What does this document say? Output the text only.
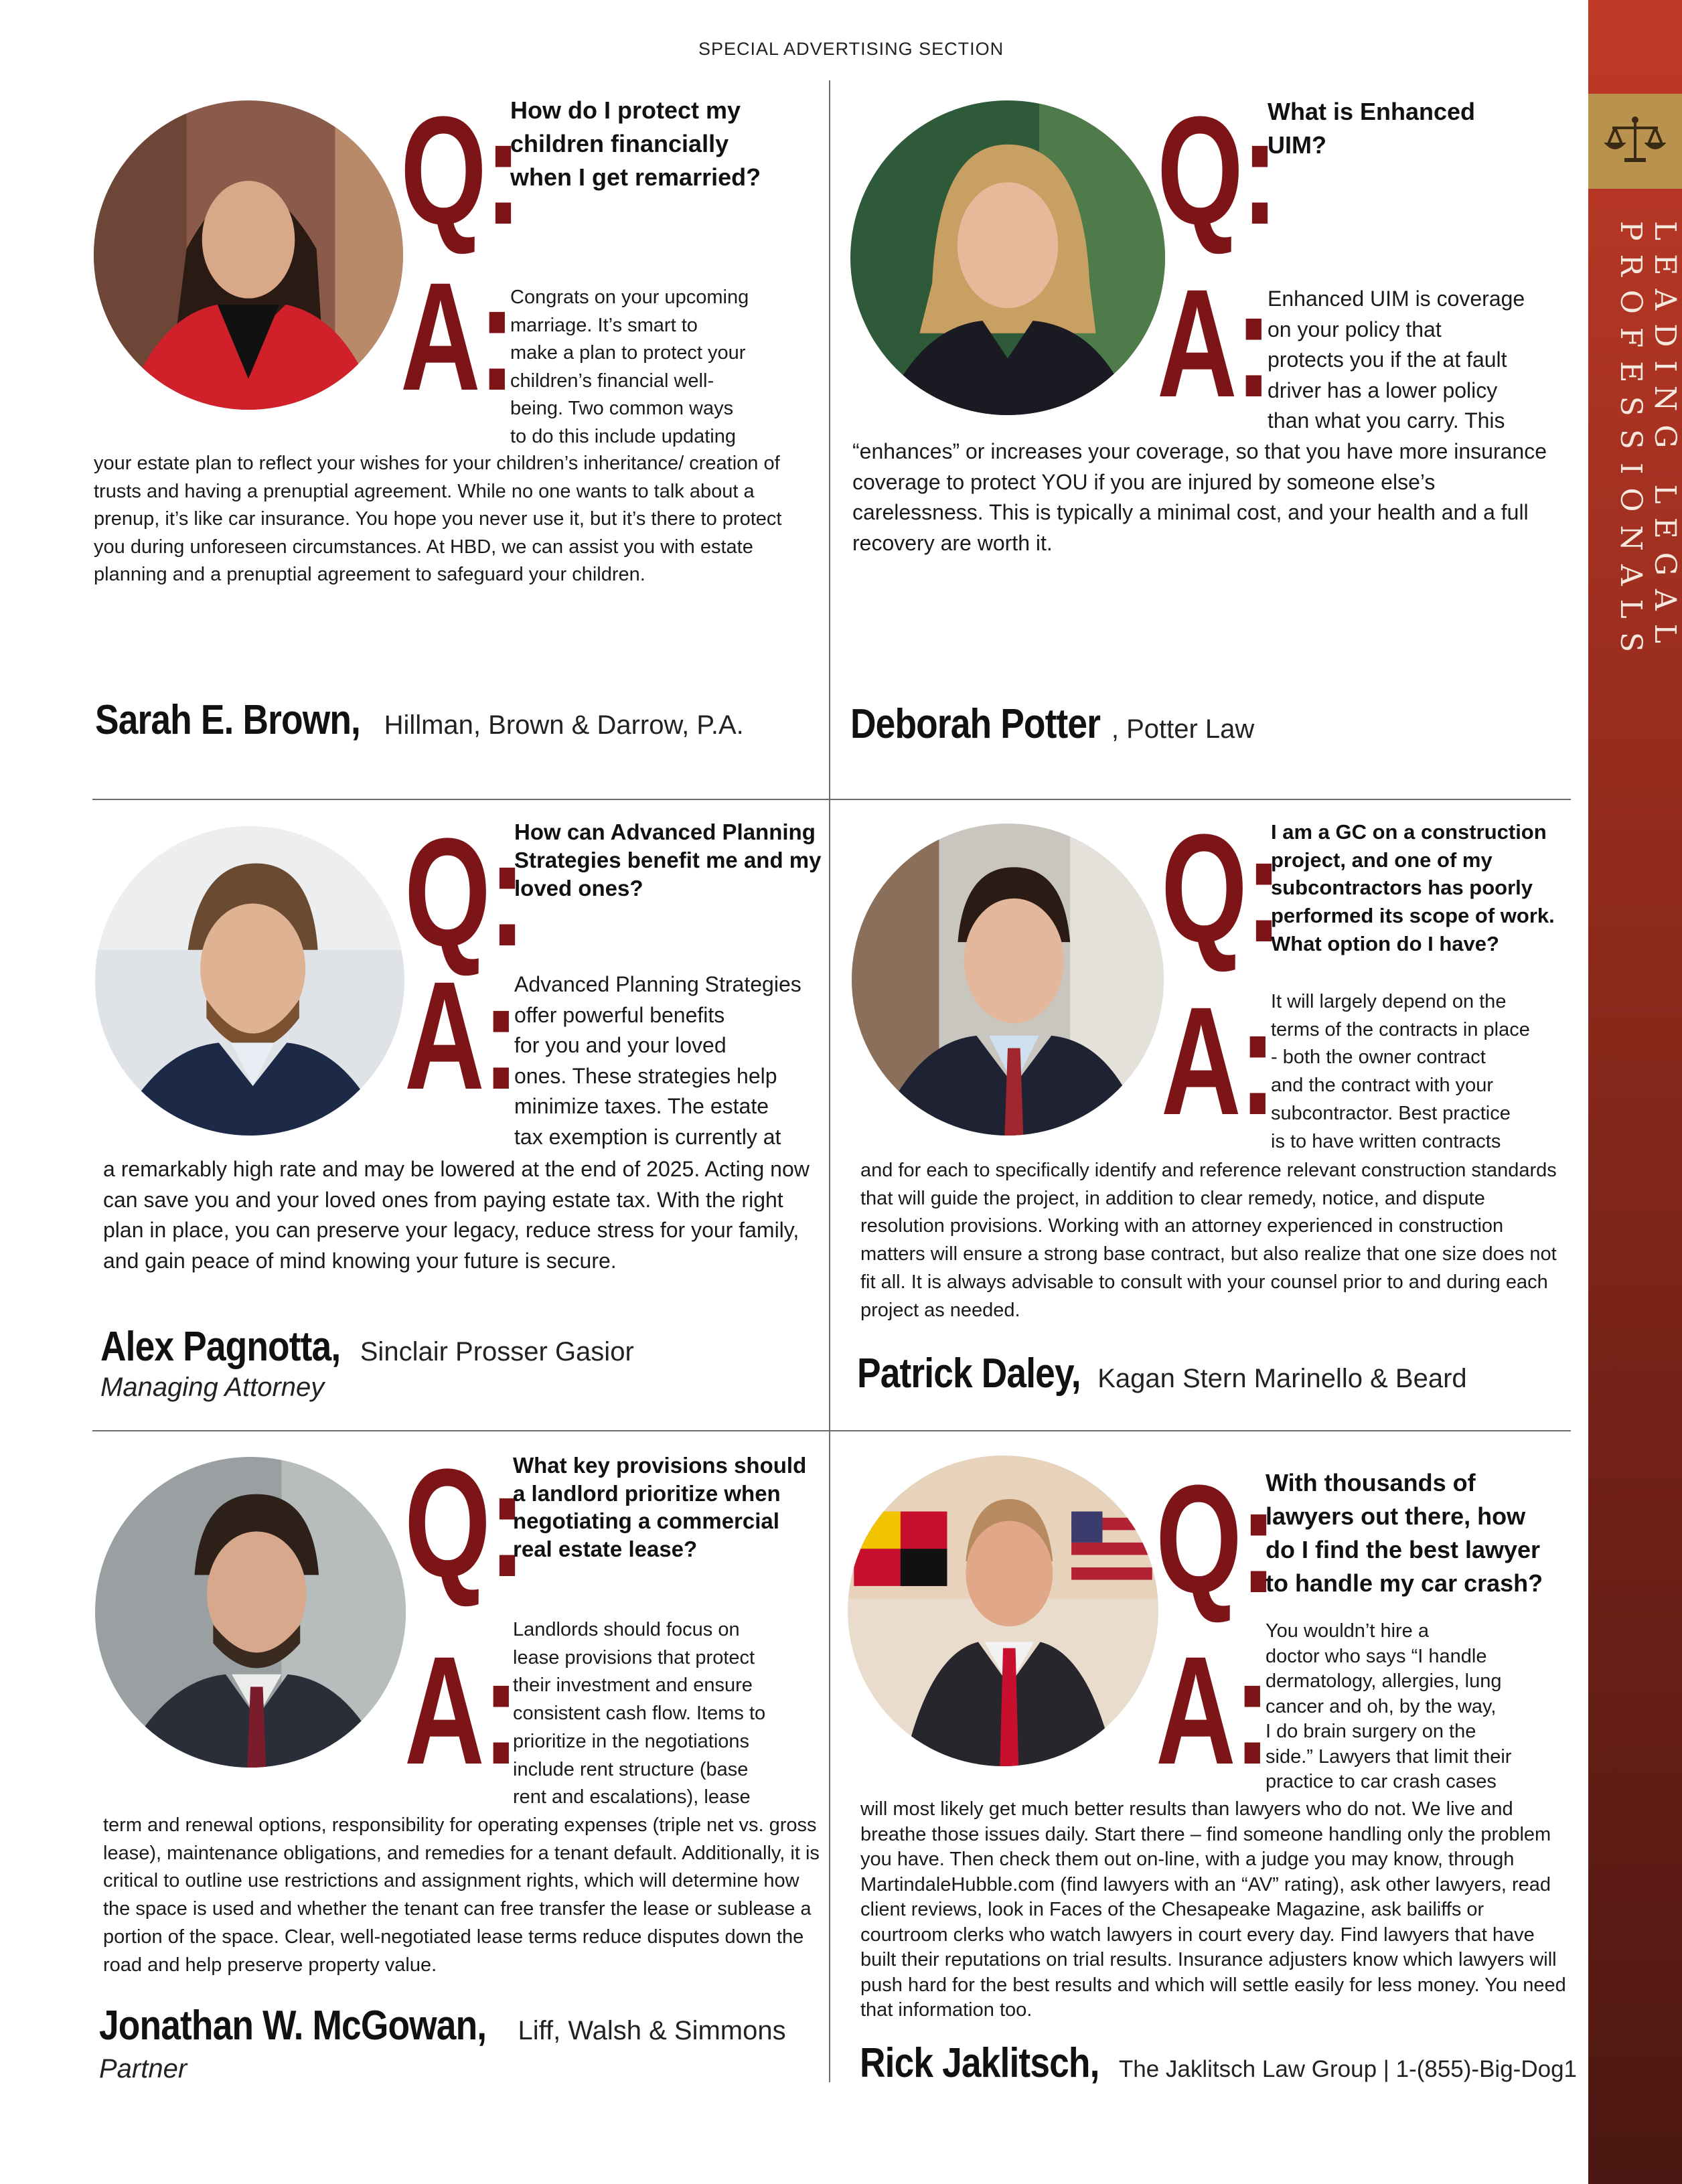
SPECIAL ADVERTISING SECTION
LEADING LEGAL PROFESSIONALS
Q:
How do I protect my children financially when I get remarried?
A:

Congrats on your upcoming

marriage. It’s smart to

make a plan to protect your

children’s financial well-

being. Two common ways

to do this include updating

your estate plan to reflect your wishes for your children’s inheritance/ creation of trusts and having a prenuptial agreement. While no one wants to talk about a prenup, it’s like car insurance. You hope you never use it, but it’s there to protect you during unforeseen circumstances. At HBD, we can assist you with estate planning and a prenuptial agreement to safeguard your children.
Sarah E. Brown, Hillman, Brown & Darrow, P.A.
Q:
What is Enhanced UIM?
A:

Enhanced UIM is coverage

on your policy that

protects you if the at fault

driver has a lower policy

than what you carry. This

“enhances” or increases your coverage, so that you have more insurance coverage to protect YOU if you are injured by someone else’s carelessness. This is typically a minimal cost, and your health and a full recovery are worth it.
Deborah Potter , Potter Law
Q:
How can Advanced Planning Strategies benefit me and my loved ones?
A:

Advanced Planning Strategies

offer powerful benefits

for you and your loved

ones. These strategies help

minimize taxes. The estate

tax exemption is currently at

a remarkably high rate and may be lowered at the end of 2025. Acting now can save you and your loved ones from paying estate tax. With the right plan in place, you can preserve your legacy, reduce stress for your family, and gain peace of mind knowing your future is secure.
Alex Pagnotta, Sinclair Prosser Gasior
Managing Attorney
Q:
I am a GC on a construction project, and one of my subcontractors has poorly performed its scope of work. What option do I have?
A:

It will largely depend on the

terms of the contracts in place

- both the owner contract

and the contract with your

subcontractor. Best practice

is to have written contracts

and for each to specifically identify and reference relevant construction standards that will guide the project, in addition to clear remedy, notice, and dispute resolution provisions. Working with an attorney experienced in construction matters will ensure a strong base contract, but also realize that one size does not fit all. It is always advisable to consult with your counsel prior to and during each project as needed.
Patrick Daley, Kagan Stern Marinello & Beard
Q:
What key provisions should a landlord prioritize when negotiating a commercial real estate lease?
A:

Landlords should focus on

lease provisions that protect

their investment and ensure

consistent cash flow. Items to

prioritize in the negotiations

include rent structure (base

rent and escalations), lease

term and renewal options, responsibility for operating expenses (triple net vs. gross lease), maintenance obligations, and remedies for a tenant default. Additionally, it is critical to outline use restrictions and assignment rights, which will determine how the space is used and whether the tenant can free transfer the lease or sublease a portion of the space. Clear, well-negotiated lease terms reduce disputes down the road and help preserve property value.
Jonathan W. McGowan, Liff, Walsh & Simmons
Partner
Q:
With thousands of lawyers out there, how do I find the best lawyer to handle my car crash?
A:

You wouldn’t hire a

doctor who says “I handle

dermatology, allergies, lung

cancer and oh, by the way,

I do brain surgery on the

side.” Lawyers that limit their

practice to car crash cases

will most likely get much better results than lawyers who do not. We live and breathe those issues daily. Start there – find someone handling only the problem you have. Then check them out on-line, with a judge you may know, through MartindaleHubble.com (find lawyers with an “AV” rating), ask other lawyers, read client reviews, look in Faces of the Chesapeake Magazine, ask bailiffs or courtroom clerks who watch lawyers in court every day. Find lawyers that have built their reputations on trial results. Insurance adjusters know which lawyers will push hard for the best results and which will settle easily for less money. You need that information too.
Rick Jaklitsch, The Jaklitsch Law Group | 1-(855)-Big-Dog1
